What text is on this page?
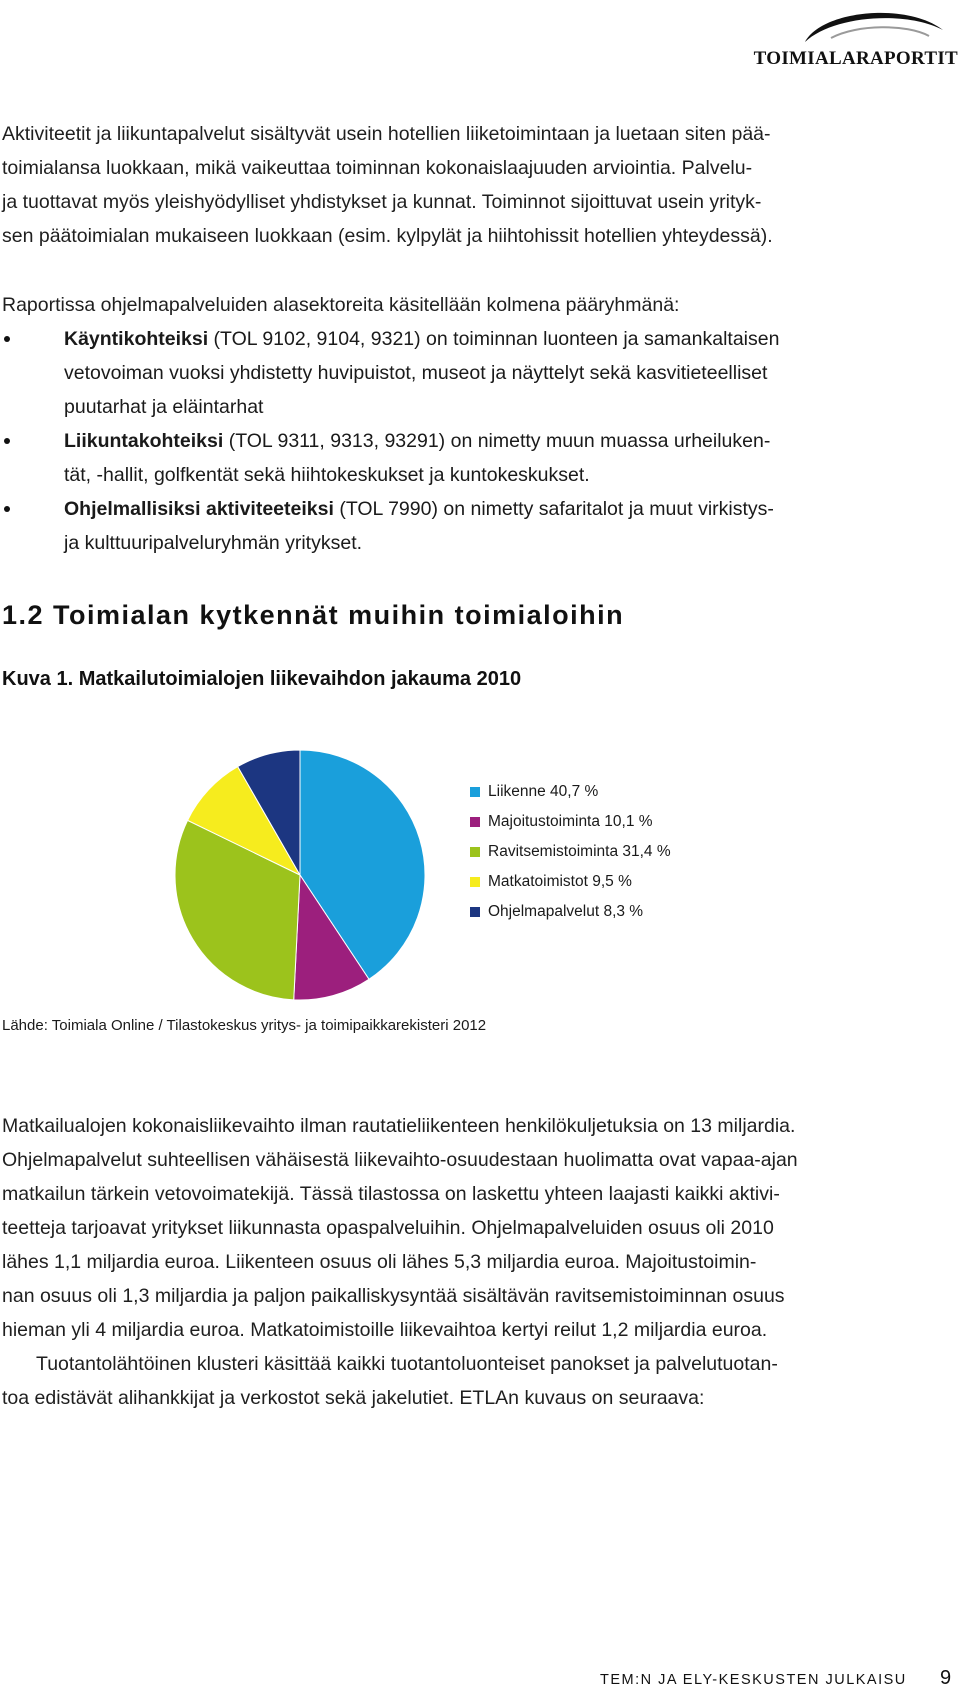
TOIMIALARAPORTIT

Aktiviteetit ja liikuntapalvelut sisältyvät usein hotellien liiketoimintaan ja luetaan siten pää-
toimialansa luokkaan, mikä vaikeuttaa toiminnan kokonaislaajuuden arviointia. Palvelu-
ja tuottavat myös yleishyödylliset yhdistykset ja kunnat. Toiminnot sijoittuvat usein yrityk-
sen päätoimialan mukaiseen luokkaan (esim. kylpylät ja hiihtohissit hotellien yhteydessä).

Raportissa ohjelmapalveluiden alasektoreita käsitellään kolmena pääryhmänä:

Käyntikohteiksi (TOL 9102, 9104, 9321) on toiminnan luonteen ja samankaltaisen
vetovoiman vuoksi yhdistetty huvipuistot, museot ja näyttelyt sekä kasvitieteelliset
puutarhat ja eläintarhat
Liikuntakohteiksi (TOL 9311, 9313, 93291) on nimetty muun muassa urheiluken-
tät, -hallit, golfkentät sekä hiihtokeskukset ja kuntokeskukset.
Ohjelmallisiksi aktiviteeteiksi (TOL 7990) on nimetty safaritalot ja muut virkistys-
ja kulttuuripalveluryhmän yritykset.
1.2 Toimialan kytkennät muihin toimialoihin
Kuva 1. Matkailutoimialojen liikevaihdon jakauma 2010
Liikenne 40,7 %
Majoitustoiminta 10,1 %
Ravitsemistoiminta 31,4 %
Matkatoimistot 9,5 %
Ohjelmapalvelut 8,3 %
Lähde: Toimiala Online / Tilastokeskus yritys- ja toimipaikkarekisteri 2012

Matkailualojen kokonaisliikevaihto ilman rautatieliikenteen henkilökuljetuksia on 13 miljardia.
Ohjelmapalvelut suhteellisen vähäisestä liikevaihto-osuudestaan huolimatta ovat vapaa-ajan
matkailun tärkein vetovoimatekijä. Tässä tilastossa on laskettu yhteen laajasti kaikki aktivi-
teetteja tarjoavat yritykset liikunnasta opaspalveluihin. Ohjelmapalveluiden osuus oli 2010
lähes 1,1 miljardia euroa. Liikenteen osuus oli lähes 5,3 miljardia euroa. Majoitustoimin-
nan osuus oli 1,3 miljardia ja paljon paikalliskysyntää sisältävän ravitsemistoiminnan osuus
hieman yli 4 miljardia euroa. Matkatoimistoille liikevaihtoa kertyi reilut 1,2 miljardia euroa.
Tuotantolähtöinen klusteri käsittää kaikki tuotantoluonteiset panokset ja palvelutuotan-
toa edistävät alihankkijat ja verkostot sekä jakelutiet. ETLAn kuvaus on seuraava:

TEM:N JA ELY-KESKUSTEN JULKAISU 9
